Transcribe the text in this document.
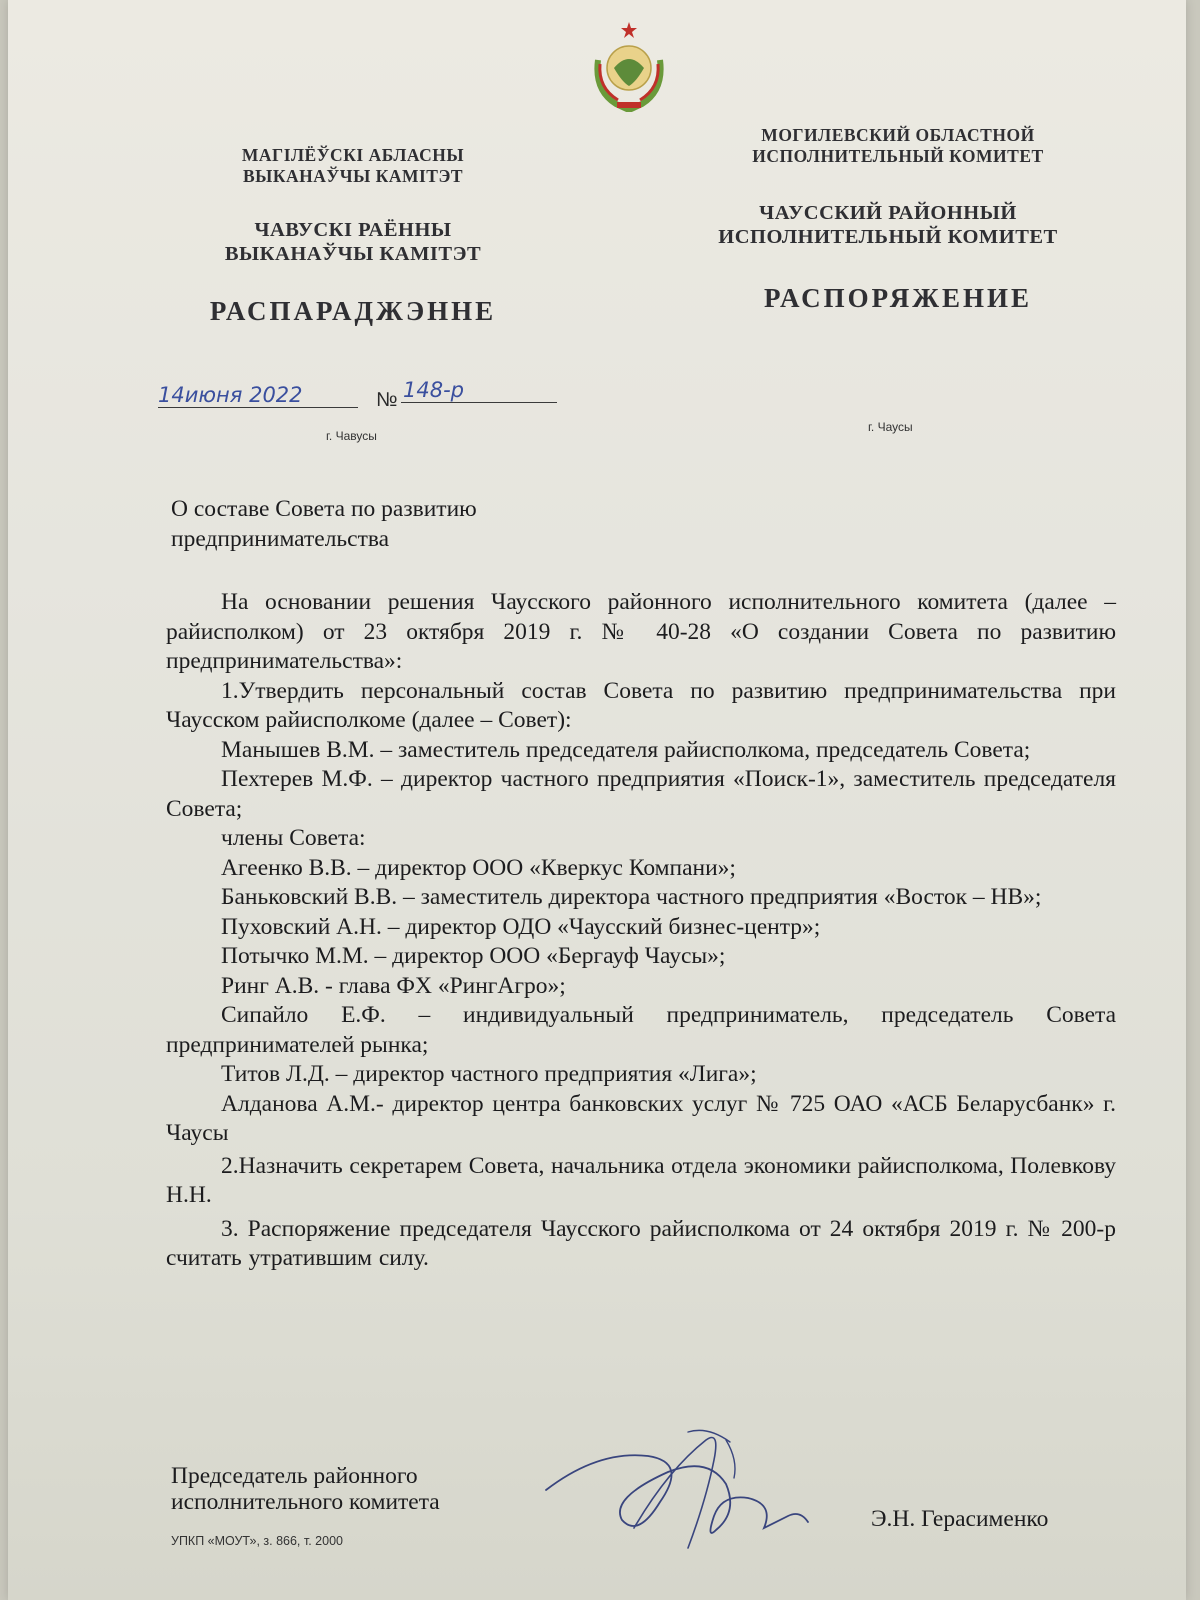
МАГІЛЁЎСКІ АБЛАСНЫ
ВЫКАНАЎЧЫ КАМІТЭТ
ЧАВУСКІ РАЁННЫ
ВЫКАНАЎЧЫ КАМІТЭТ
РАСПАРАДЖЭННЕ
МОГИЛЕВСКИЙ ОБЛАСТНОЙ
ИСПОЛНИТЕЛЬНЫЙ КОМИТЕТ
ЧАУССКИЙ РАЙОННЫЙ
ИСПОЛНИТЕЛЬНЫЙ КОМИТЕТ
РАСПОРЯЖЕНИЕ
14июня 2022	№ 148-р
г. Чавусы
г. Чаусы
О составе Совета по развитию
предпринимательства

На основании решения Чаусского районного исполнительного комитета (далее – райисполком) от 23 октября 2019 г. № 40-28 «О создании Совета по развитию предпринимательства»:

1.Утвердить персональный состав Совета по развитию предпринимательства при Чаусском райисполкоме (далее – Совет):

Манышев В.М. – заместитель председателя райисполкома, председатель Совета;

Пехтерев М.Ф. – директор частного предприятия «Поиск-1», заместитель председателя Совета;

члены Совета:

Агеенко В.В. – директор ООО «Кверкус Компани»;

Баньковский В.В. – заместитель директора частного предприятия «Восток – НВ»;

Пуховский А.Н. – директор ОДО «Чаусский бизнес-центр»;

Потычко М.М. – директор ООО «Бергауф Чаусы»;

Ринг А.В. - глава ФХ «РингАгро»;

Сипайло Е.Ф. – индивидуальный предприниматель, председатель Совета предпринимателей рынка;

Титов Л.Д. – директор частного предприятия «Лига»;

Алданова А.М.- директор центра банковских услуг № 725 ОАО «АСБ Беларусбанк» г. Чаусы

2.Назначить секретарем Совета, начальника отдела экономики райисполкома, Полевкову Н.Н.

3. Распоряжение председателя Чаусского райисполкома от 24 октября 2019 г. № 200-р считать утратившим силу.

Председатель районного
исполнительного комитета
Э.Н. Герасименко
УПКП «МОУТ», з. 866, т. 2000
